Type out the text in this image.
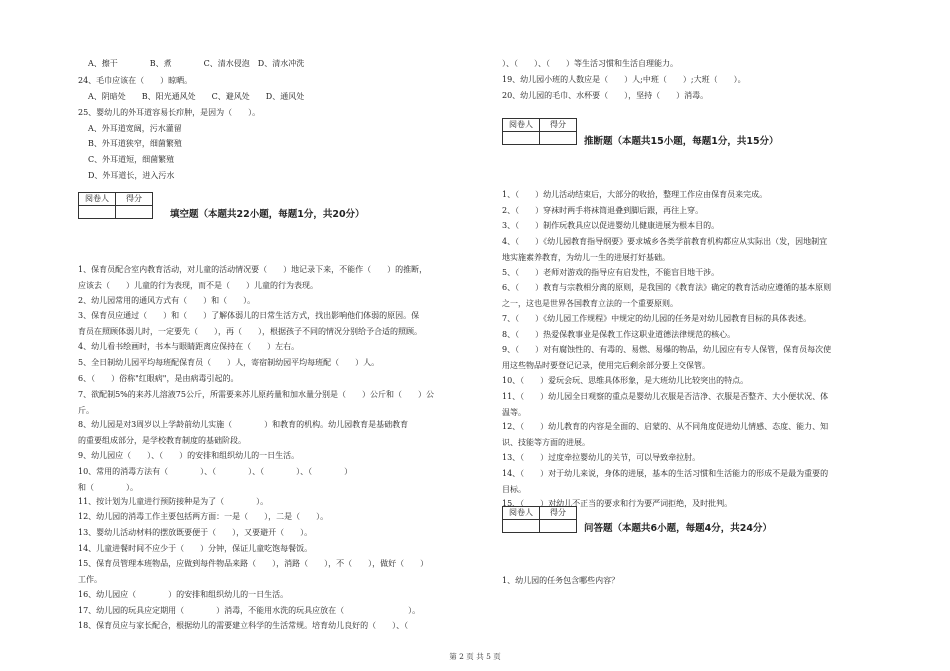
A、擦干　　　　B、煮　　　　C、清水侵泡　D、清水冲洗
24、毛巾应该在（　　）晾晒。
A、阴暗处　　B、阳光通风处　　C、避风处　　D、通风处
25、婴幼儿的外耳道容易长疖肿，是因为（　　）。
A、外耳道宽阔，污水灌留
B、外耳道狭窄，细菌繁殖
C、外耳道短，细菌繁殖
D、外耳道长，进入污水
阅卷人	得分

填空题（本题共22小题，每题1分，共20分）
1、保育员配合室内教育活动，对儿童的活动情况要（　　）地记录下来，不能作（　　）的推断，
应该去（　　）儿童的行为表现，而不是（　　）儿童的行为表现。
2、幼儿园常用的通风方式有（　　）和（　　）。
3、保育员应通过（　　）和（　　）了解体弱儿的日常生活方式，找出影响他们体弱的原因。保
育员在照顾体弱儿时，一定要先（　　），再（　　），根据孩子不同的情况分别给予合适的照顾。
4、幼儿看书绘画时，书本与眼睛距离应保持在（　　）左右。
5、全日制幼儿园平均每班配保育员（　　）人，寄宿制幼园平均每班配（　　）人。
6、（　　）俗称"红眼病"，是由病毒引起的。
7、欲配制5%的来苏儿溶液75公斤，所需要来苏儿原药量和加水量分别是（　　）公斤和（　　）公
斤。
8、幼儿园是对3周岁以上学龄前幼儿实施（　　　　）和教育的机构。幼儿园教育是基础教育
的重要组成部分，是学校教育制度的基础阶段。
9、幼儿园应（　　）、（　　）的安排和组织幼儿的一日生活。
10、常用的消毒方法有（　　　　）、（　　　　）、（　　　　）、（　　　　）
和（　　　　）。
11、按计划为儿童进行预防接种是为了（　　　　）。
12、幼儿园的消毒工作主要包括两方面：一是（　　），二是（　　）。
13、婴幼儿活动材料的摆放既要便于（　　），又要避开（　　）。
14、儿童进餐时间不应少于（　　）分钟，保证儿童吃饱每餐饭。
15、保育员管理本班物品，应做到每件物品来路（　　），消路（　　），不（　　），做好（　　）
工作。
16、幼儿园应（　　　　）的安排和组织幼儿的一日生活。
17、幼儿园的玩具应定期用（　　　　）消毒，不能用水洗的玩具应放在（　　　　　　　　）。
18、保育员应与家长配合，根据幼儿的需要建立科学的生活常规。培育幼儿良好的（　　）、（
）、（　　）、（　　）等生活习惯和生活自理能力。
19、幼儿园小班的人数应是（　　）人;中班（　　）;大班（　　）。
20、幼儿园的毛巾、水杯要（　　），坚持（　　）消毒。
阅卷人	得分

推断题（本题共15小题，每题1分，共15分）
1、（　　）幼儿活动结束后，大部分的收拾，整理工作应由保育员来完成。
2、（　　）穿袜时两手将袜筒退叠到脚后跟，再往上穿。
3、（　　）制作玩教具应以促进婴幼儿健康进展为根本目的。
4、（　　）《幼儿园教育指导纲要》要求城乡各类学前教育机构都应从实际出（发，因地制宜
地实施素养教育，为幼儿一生的进展打好基础。
5、（　　）老师对游戏的指导应有启发性，不能盲目地干涉。
6、（　　）教育与宗教相分离的原则，是我国的《教育法》确定的教育活动应遵循的基本原则
之一，这也是世界各国教育立法的一个重要原则。
7、（　　）《幼儿园工作规程》中规定的幼儿园的任务是对幼儿园教育目标的具体表述。
8、（　　）热爱保教事业是保教工作这职业道德法律规范的核心。
9、（　　）对有腐蚀性的、有毒的、易燃、易爆的物品，幼儿园应有专人保管，保育员每次使
用这些物品时要登记记录，使用完后剩余部分要上交保管。
10、（　　）爱玩会玩、思维具体形象，是大班幼儿比较突出的特点。
11、（　　）幼儿园全日观察的重点是婴幼儿衣服是否洁净、衣服是否整齐、大小便状况、体
温等。
12、（　　）幼儿教育的内容是全面的、启蒙的、从不同角度促进幼儿情感、态度、能力、知
识、技能等方面的进展。
13、（　　）过度牵拉婴幼儿的关节，可以导致牵拉肘。
14、（　　）对于幼儿来说，身体的进展，基本的生活习惯和生活能力的形成不是最为重要的
目标。
15、（　　）对幼儿不正当的要求和行为要严词拒绝，及时批判。
阅卷人	得分

问答题（本题共6小题，每题4分，共24分）
1、幼儿园的任务包含哪些内容？
第 2 页 共 5 页
